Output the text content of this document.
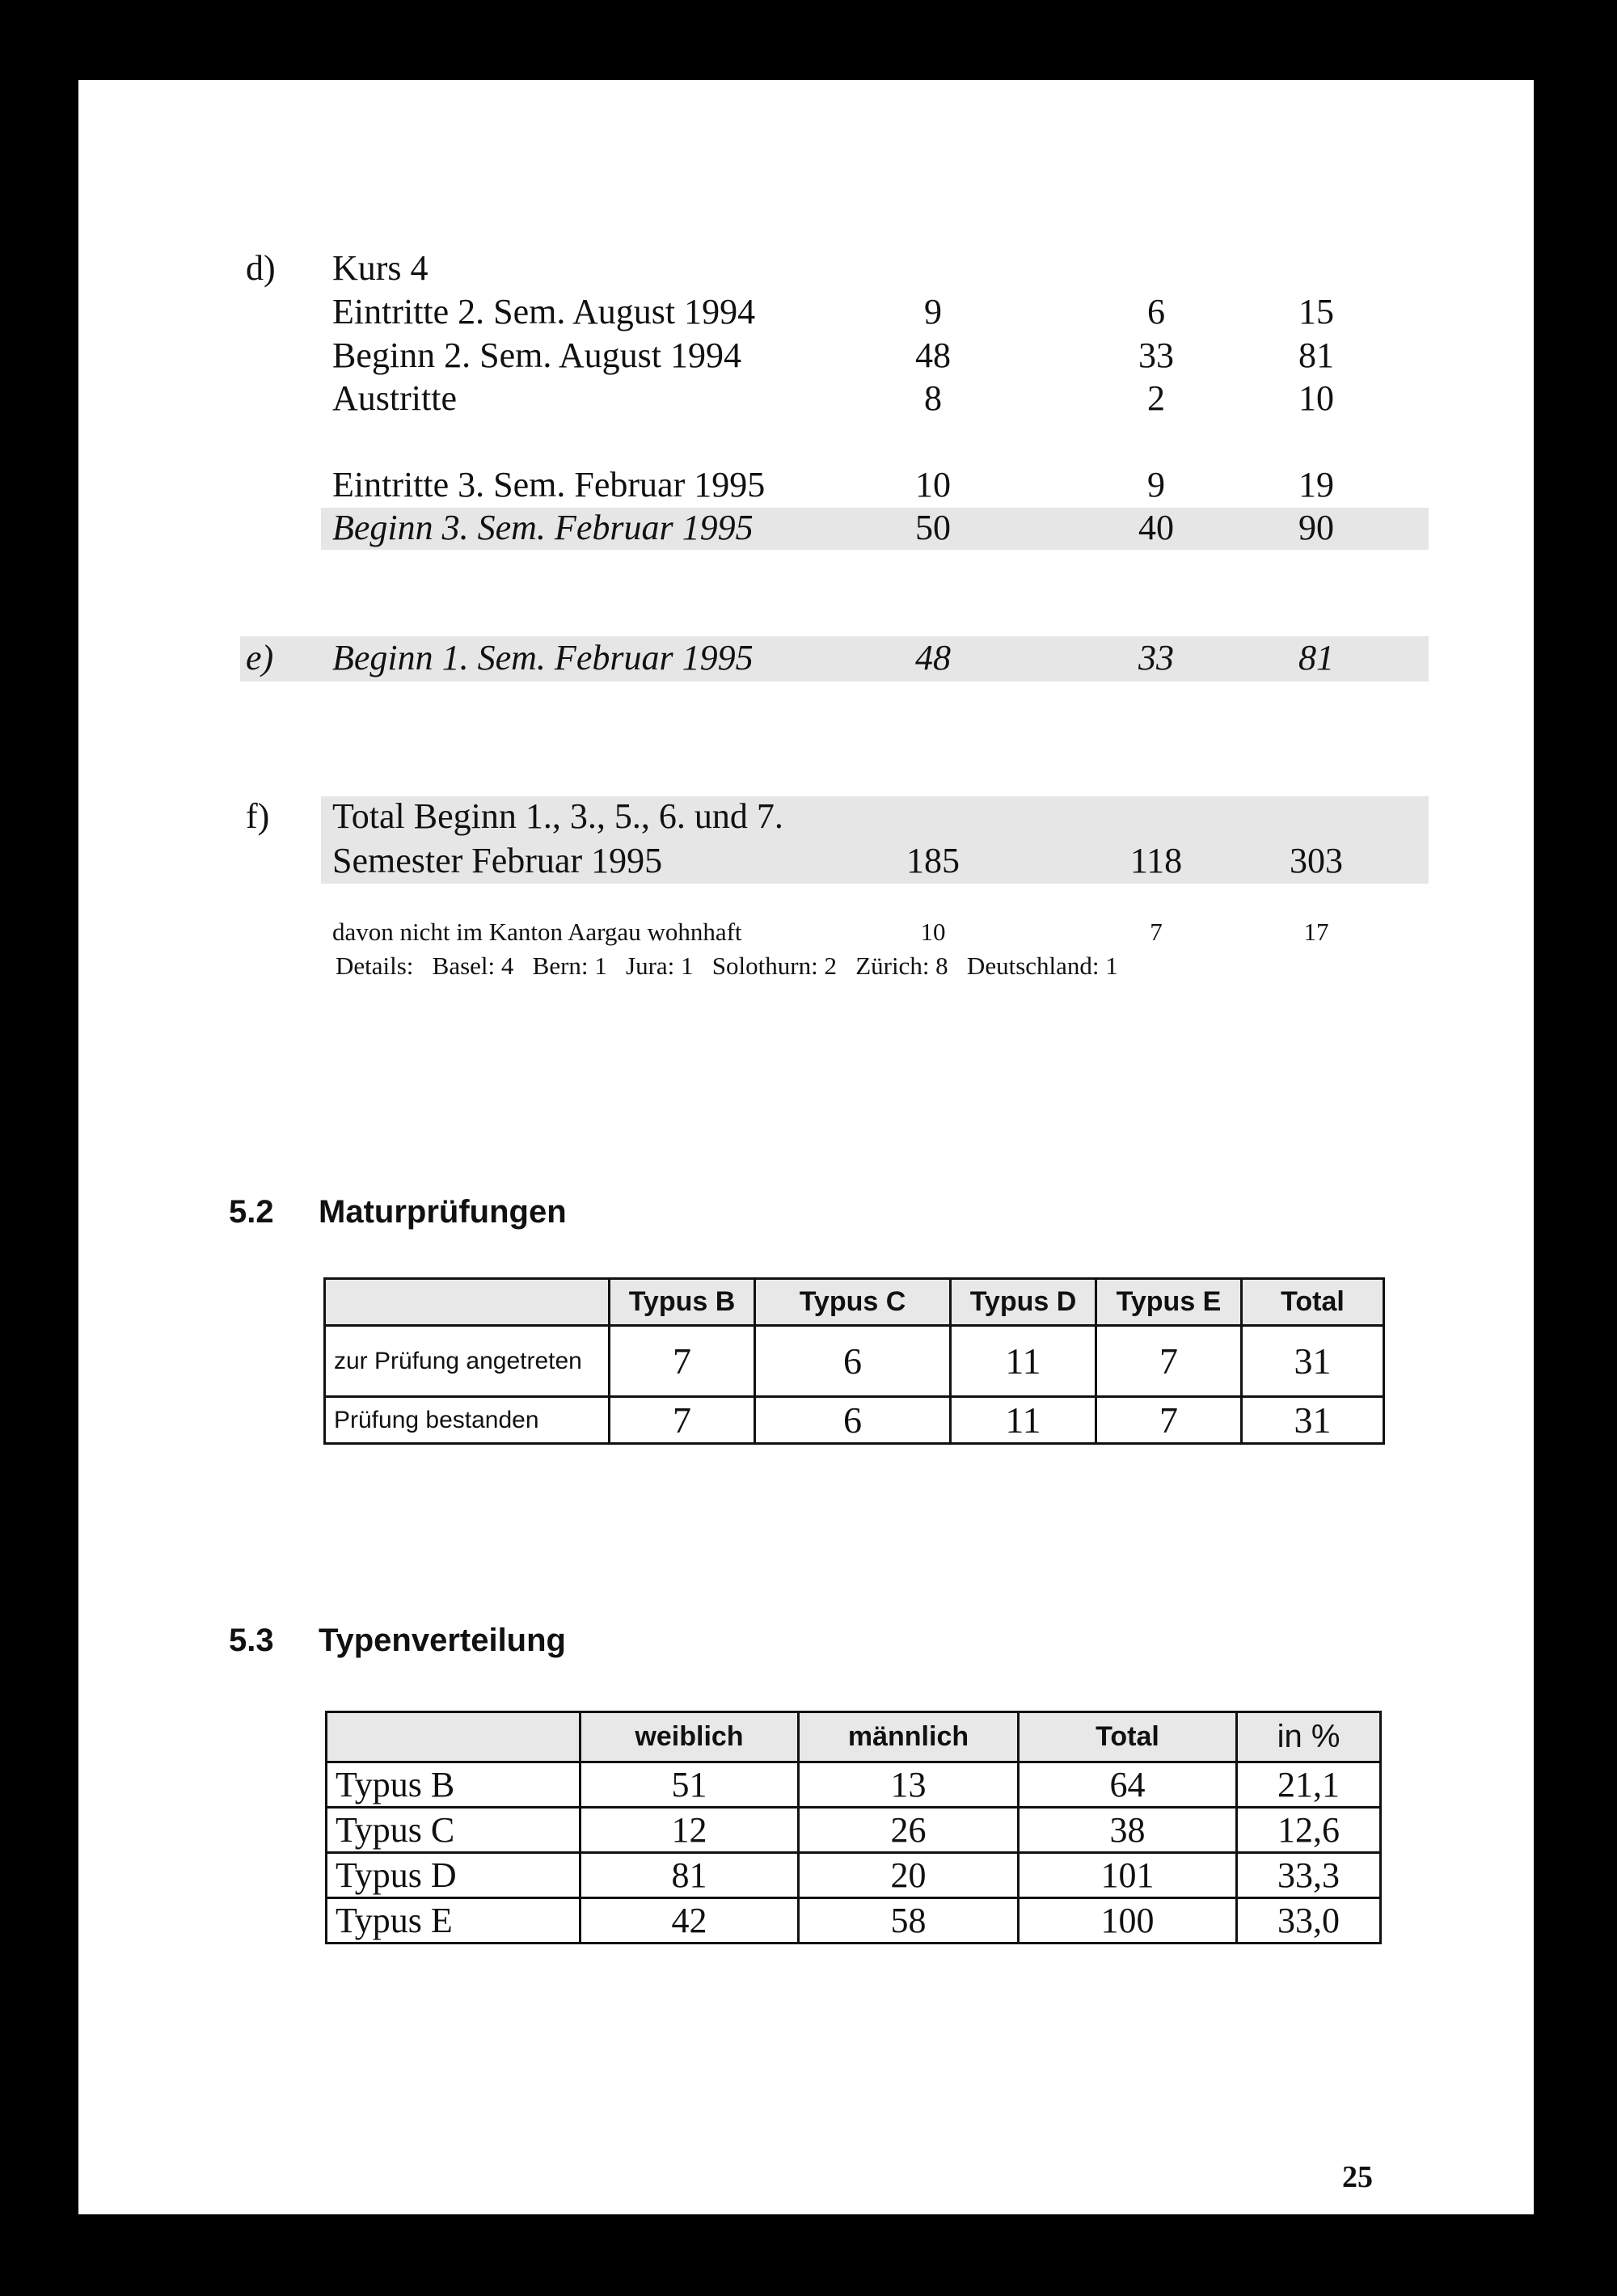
d) Kurs 4
Eintritte 2. Sem. August 1994	9	6	15
Beginn 2. Sem. August 1994	48	33	81
Austritte	8	2	10
Eintritte 3. Sem. Februar 1995	10	9	19
Beginn 3. Sem. Februar 1995	50	40	90
e) Beginn 1. Sem. Februar 1995	48	33	81
f) Total Beginn 1., 3., 5., 6. und 7.
Semester Februar 1995	185	118	303
davon nicht im Kanton Aargau wohnhaft	10	7	17
Details:   Basel: 4   Bern: 1   Jura: 1   Solothurn: 2   Zürich: 8   Deutschland: 1
5.2 Maturprüfungen
	Typus B	Typus C	Typus D	Typus E	Total
zur Prüfung angetreten	7	6	11	7	31
Prüfung bestanden	7	6	11	7	31
5.3 Typenverteilung
	weiblich	männlich	Total	in %
Typus B	51	13	64	21,1
Typus C	12	26	38	12,6
Typus D	81	20	101	33,3
Typus E	42	58	100	33,0
25
